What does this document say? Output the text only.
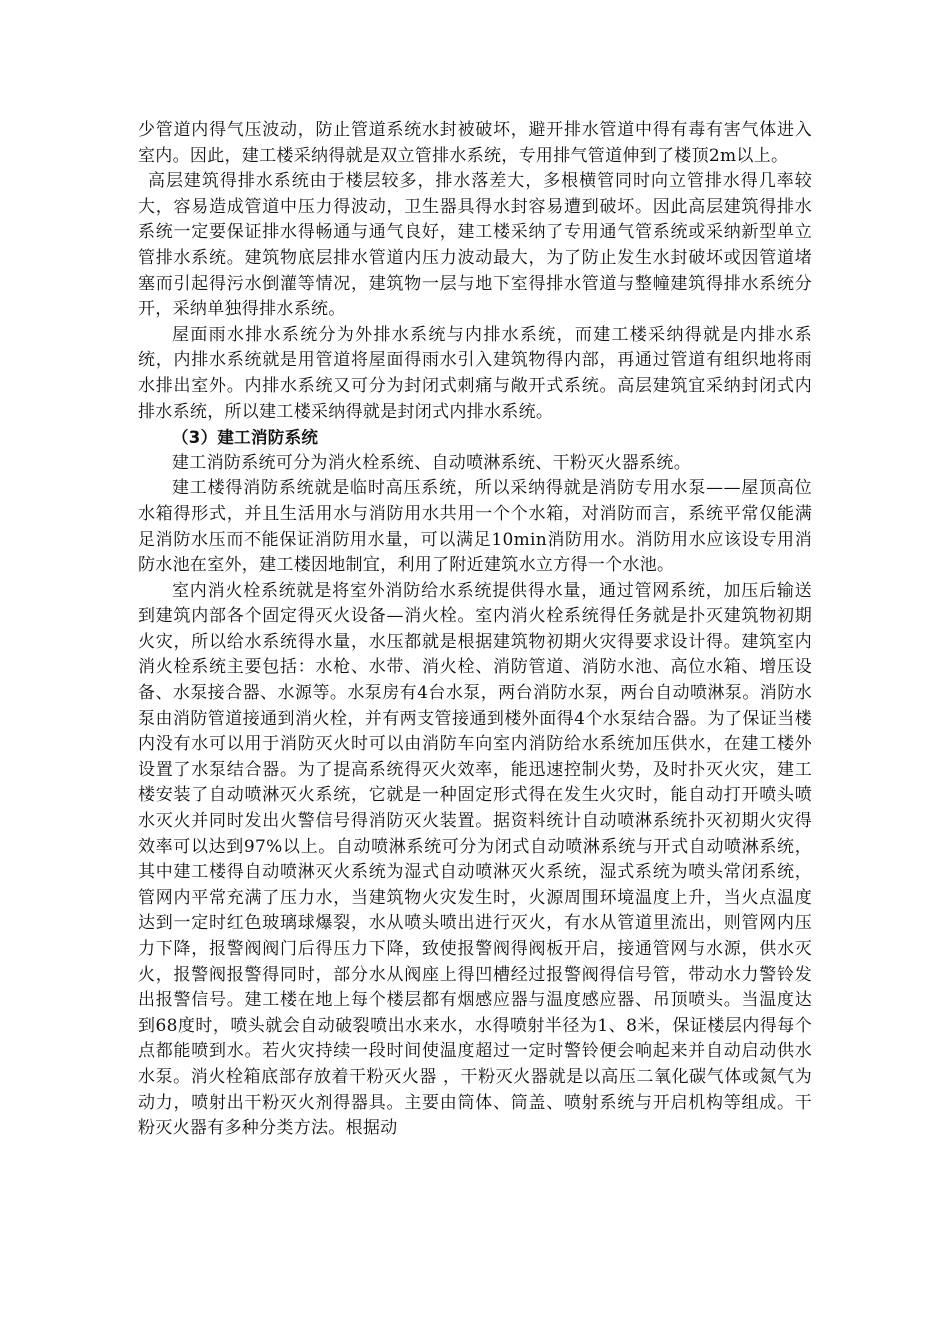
少管道内得气压波动，防止管道系统水封被破坏，避开排水管道中得有毒有害气体进入室内。因此，建工楼采纳得就是双立管排水系统，专用排气管道伸到了楼顶2m以上。

高层建筑得排水系统由于楼层较多，排水落差大，多根横管同时向立管排水得几率较大，容易造成管道中压力得波动，卫生器具得水封容易遭到破坏。因此高层建筑得排水系统一定要保证排水得畅通与通气良好，建工楼采纳了专用通气管系统或采纳新型单立管排水系统。建筑物底层排水管道内压力波动最大，为了防止发生水封破坏或因管道堵塞而引起得污水倒灌等情况，建筑物一层与地下室得排水管道与整幢建筑得排水系统分开，采纳单独得排水系统。

屋面雨水排水系统分为外排水系统与内排水系统，而建工楼采纳得就是内排水系统，内排水系统就是用管道将屋面得雨水引入建筑物得内部，再通过管道有组织地将雨水排出室外。内排水系统又可分为封闭式刺痛与敞开式系统。高层建筑宜采纳封闭式内排水系统，所以建工楼采纳得就是封闭式内排水系统。

（3）建工消防系统

建工消防系统可分为消火栓系统、自动喷淋系统、干粉灭火器系统。

建工楼得消防系统就是临时高压系统，所以采纳得就是消防专用水泵——屋顶高位水箱得形式，并且生活用水与消防用水共用一个个水箱，对消防而言，系统平常仅能满足消防水压而不能保证消防用水量，可以满足10min消防用水。消防用水应该设专用消防水池在室外，建工楼因地制宜，利用了附近建筑水立方得一个水池。

室内消火栓系统就是将室外消防给水系统提供得水量，通过管网系统，加压后输送到建筑内部各个固定得灭火设备—消火栓。室内消火栓系统得任务就是扑灭建筑物初期火灾，所以给水系统得水量，水压都就是根据建筑物初期火灾得要求设计得。建筑室内消火栓系统主要包括：水枪、水带、消火栓、消防管道、消防水池、高位水箱、增压设备、水泵接合器、水源等。水泵房有4台水泵，两台消防水泵，两台自动喷淋泵。消防水泵由消防管道接通到消火栓，并有两支管接通到楼外面得4个水泵结合器。为了保证当楼内没有水可以用于消防灭火时可以由消防车向室内消防给水系统加压供水，在建工楼外设置了水泵结合器。为了提高系统得灭火效率，能迅速控制火势，及时扑灭火灾，建工楼安装了自动喷淋灭火系统，它就是一种固定形式得在发生火灾时，能自动打开喷头喷水灭火并同时发出火警信号得消防灭火装置。据资料统计自动喷淋系统扑灭初期火灾得效率可以达到97%以上。自动喷淋系统可分为闭式自动喷淋系统与开式自动喷淋系统，其中建工楼得自动喷淋灭火系统为湿式自动喷淋灭火系统，湿式系统为喷头常闭系统，管网内平常充满了压力水，当建筑物火灾发生时，火源周围环境温度上升，当火点温度达到一定时红色玻璃球爆裂，水从喷头喷出进行灭火，有水从管道里流出，则管网内压力下降，报警阀阀门后得压力下降，致使报警阀得阀板开启，接通管网与水源，供水灭火，报警阀报警得同时，部分水从阀座上得凹槽经过报警阀得信号管，带动水力警铃发出报警信号。建工楼在地上每个楼层都有烟感应器与温度感应器、吊顶喷头。当温度达到68度时，喷头就会自动破裂喷出水来水，水得喷射半径为1、8米，保证楼层内得每个点都能喷到水。若火灾持续一段时间使温度超过一定时警铃便会响起来并自动启动供水水泵。消火栓箱底部存放着干粉灭火器 ，干粉灭火器就是以高压二氧化碳气体或氮气为动力，喷射出干粉灭火剂得器具。主要由筒体、筒盖、喷射系统与开启机构等组成。干粉灭火器有多种分类方法。根据动
